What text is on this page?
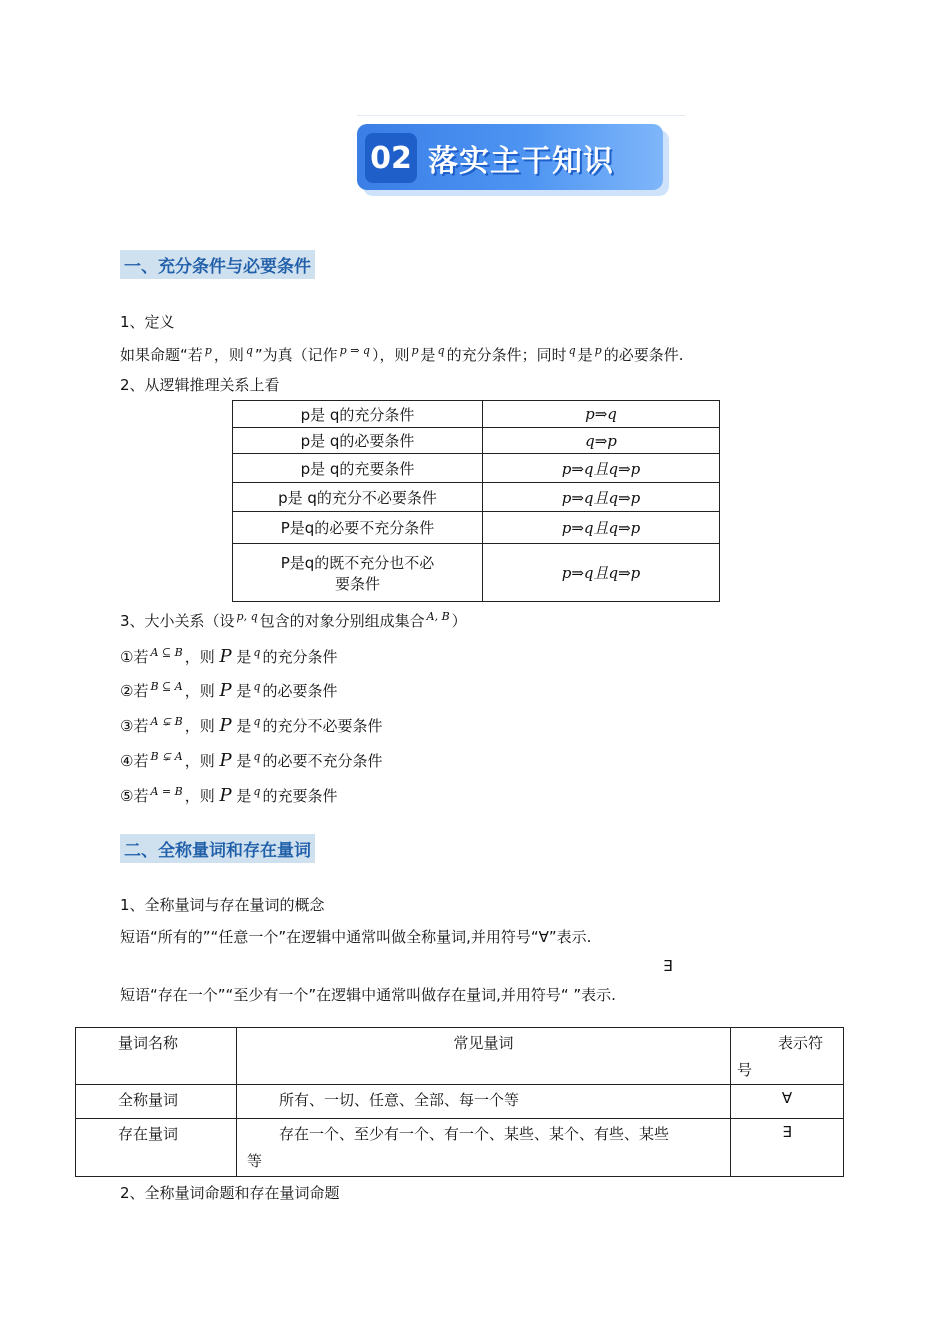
02 落实主干知识
一、充分条件与必要条件
1、定义
如果命题“若 $^p$ ，则 $^q$ ”为真（记作 $^{p \Rightarrow q}$ ），则 $^p$ 是 $^q$ 的充分条件；同时 $^q$ 是 $^p$ 的必要条件.
2、从逻辑推理关系上看
p是 q的充分条件	p⇒q
p是 q的必要条件	q⇒p
p是 q的充要条件	p⇒q且q⇒p
p是 q的充分不必要条件	p⇒q且q⇒p
P是q的必要不充分条件	p⇒q且q⇒p

P是q的既不充分也不必
要条件	p⇒q且q⇒p
3、大小关系（设 $^{p, q}$ 包含的对象分别组成集合 $^{A, B}$ ）
①若 $^{A ⊆ B}$ ，则 P 是 $^q$ 的充分条件
②若 $^{B ⊆ A}$ ，则 P 是 $^q$ 的必要条件
③若 $^{A ⊊ B}$ ，则 P 是 $^q$ 的充分不必要条件
④若 $^{B ⊊ A}$ ，则 P 是 $^q$ 的必要不充分条件
⑤若 $^{A = B}$ ，则 P 是 $^q$ 的充要条件
二、全称量词和存在量词
1、全称量词与存在量词的概念
短语“所有的”“任意一个”在逻辑中通常叫做全称量词,并用符号“∀”表示.
∃
短语“存在一个”“至少有一个”在逻辑中通常叫做存在量词,并用符号“ ”表示.
量词名称	常见量词	表示符
号

全称量词	所有、一切、任意、全部、每一个等	∀
存在量词	存在一个、至少有一个、有一个、某些、某个、有些、某些
等	∃
2、全称量词命题和存在量词命题
